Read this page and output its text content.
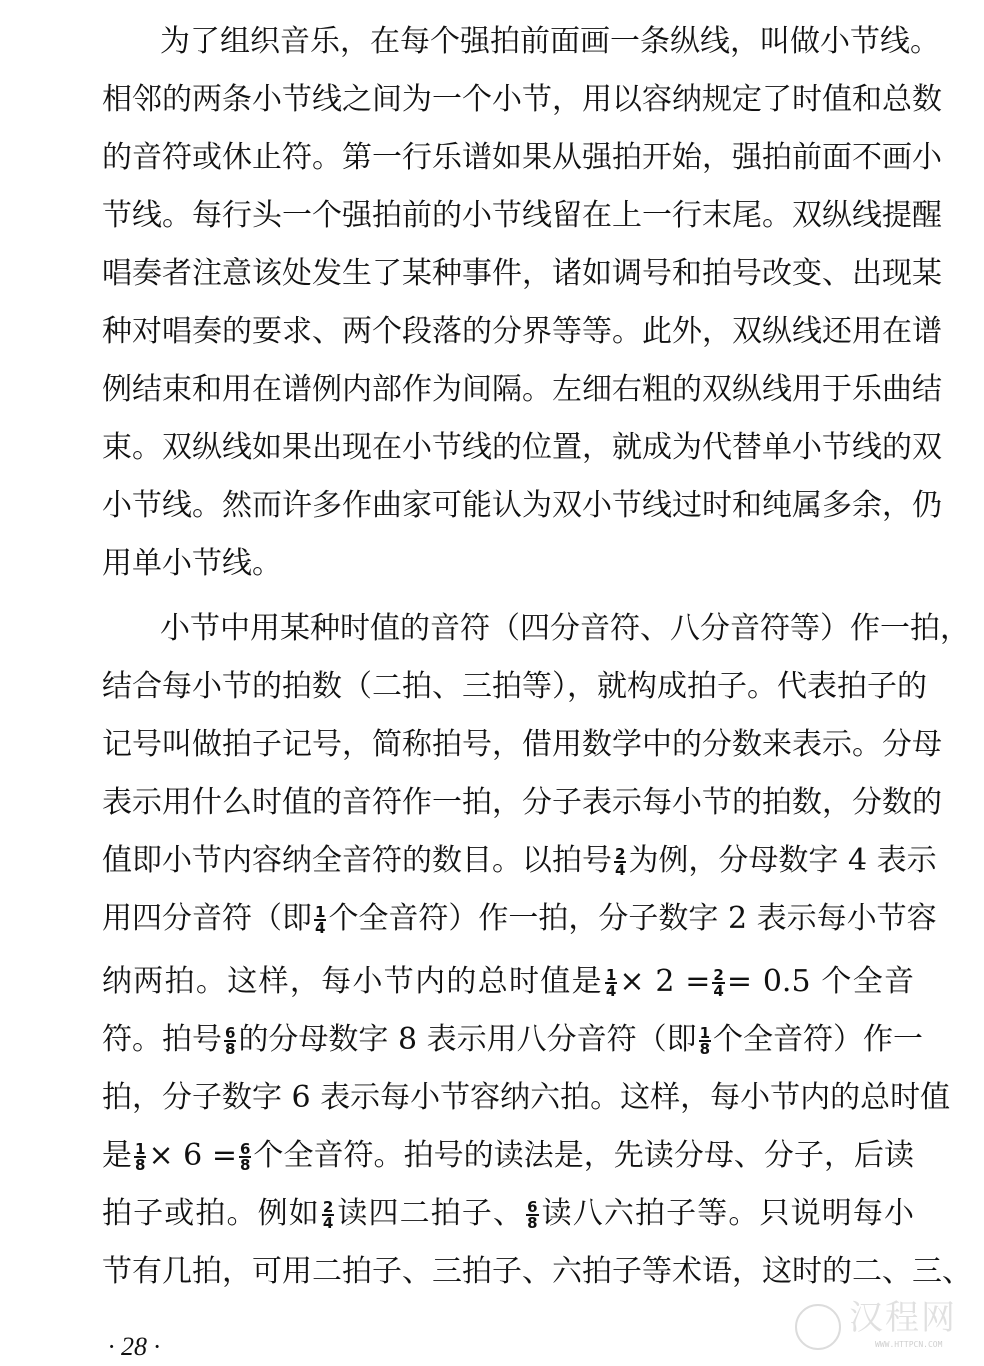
为了组织音乐，在每个强拍前面画一条纵线，叫做小节线。
相邻的两条小节线之间为一个小节，用以容纳规定了时值和总数
的音符或休止符。第一行乐谱如果从强拍开始，强拍前面不画小
节线。每行头一个强拍前的小节线留在上一行末尾。双纵线提醒
唱奏者注意该处发生了某种事件，诸如调号和拍号改变、出现某
种对唱奏的要求、两个段落的分界等等。此外，双纵线还用在谱
例结束和用在谱例内部作为间隔。左细右粗的双纵线用于乐曲结
束。双纵线如果出现在小节线的位置，就成为代替单小节线的双
小节线。然而许多作曲家可能认为双小节线过时和纯属多余，仍
用单小节线。
小节中用某种时值的音符（四分音符、八分音符等）作一拍，
结合每小节的拍数（二拍、三拍等），就构成拍子。代表拍子的
记号叫做拍子记号，简称拍号，借用数学中的分数来表示。分母
表示用什么时值的音符作一拍，分子表示每小节的拍数，分数的
值即小节内容纳全音符的数目。以拍号 $\frac{2}{4}$ 为例，分母数字 4 表示
用四分音符（即 $\frac{1}{4}$ 个全音符）作一拍，分子数字 2 表示每小节容
纳两拍。这样，每小节内的总时值是 $\frac{1}{4} \times 2 = \frac{2}{4} = 0.5$ 个全音
符。拍号 $\frac{6}{8}$ 的分母数字 8 表示用八分音符（即 $\frac{1}{8}$ 个全音符）作一
拍，分子数字 6 表示每小节容纳六拍。这样，每小节内的总时值
是 $\frac{1}{8} \times 6 = \frac{6}{8}$ 个全音符。拍号的读法是，先读分母、分子，后读
拍子或拍。例如 $\frac{2}{4}$ 读四二拍子、 $\frac{6}{8}$ 读八六拍子等。只说明每小
节有几拍，可用二拍子、三拍子、六拍子等术语，这时的二、三、
· 28 ·
汉程网
WWW.HTTPCN.COM
